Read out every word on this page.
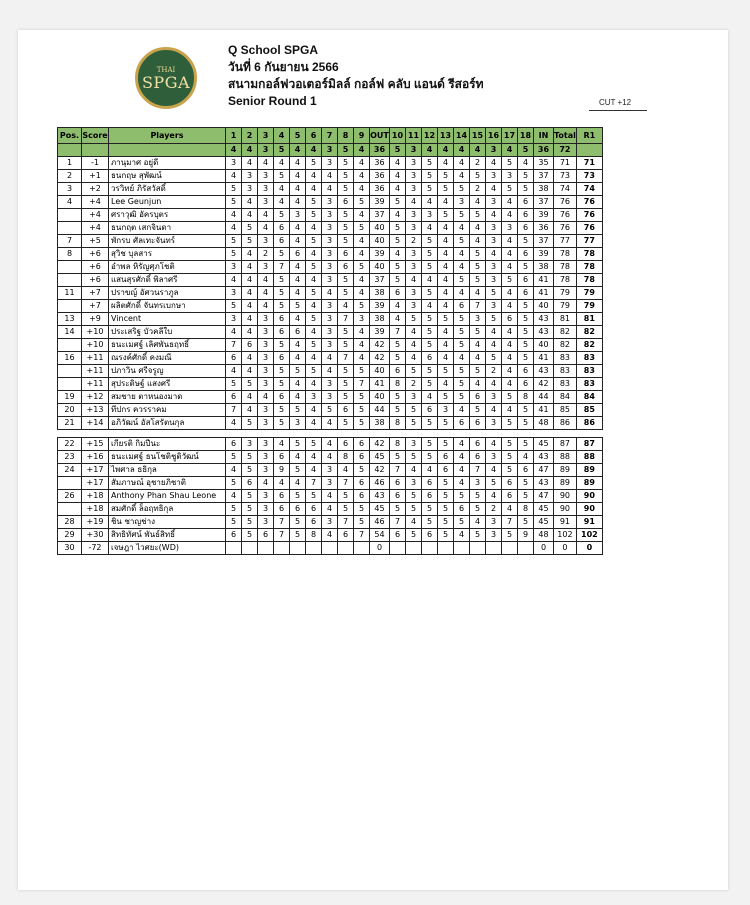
THAI
SPGA
Q School SPGA
วันที่ 6 กันยายน 2566
สนามกอล์ฟวอเตอร์มิลล์ กอล์ฟ คลับ แอนด์ รีสอร์ท
Senior Round 1	CUT +12
Pos.	Score	Players	1	2	3	4	5	6	7	8	9	OUT	10	11	12	13	14	15	16	17	18	IN	Total	R1
			4	4	3	5	4	4	3	5	4	36	5	3	4	4	4	4	3	4	5	36	72	
1	-1	ภานุมาศ อยู่ดี	3	4	4	4	4	5	3	5	4	36	4	3	5	4	4	2	4	5	4	35	71	71
2	+1	ธนกฤษ สุพัฒน์	4	3	3	5	4	4	4	5	4	36	4	3	5	5	4	5	3	3	5	37	73	73
3	+2	วรวิทย์ ภิรัสวัสดิ์	5	3	3	4	4	4	4	5	4	36	4	3	5	5	5	2	4	5	5	38	74	74
4	+4	Lee Geunjun	5	4	3	4	4	5	3	6	5	39	5	4	4	4	3	4	3	4	6	37	76	76
	+4	ศราวุฒิ อัครบุตร	4	4	4	5	3	5	3	5	4	37	4	3	3	5	5	5	4	4	6	39	76	76
	+4	ธนกฤต เสกจินดา	4	5	4	6	4	4	3	5	5	40	5	3	4	4	4	4	3	3	6	36	76	76
7	+5	พักรบ ศัลเทะจันทร์	5	5	3	6	4	5	3	5	4	40	5	2	5	4	5	4	3	4	5	37	77	77
8	+6	สุวิช บุลสาร	5	4	2	5	6	4	3	6	4	39	4	3	5	4	4	5	4	4	6	39	78	78
	+6	อำพล หิรัญศุภโชติ	3	4	3	7	4	5	3	6	5	40	5	3	5	4	4	5	3	4	5	38	78	78
	+6	แสนสุรศักดิ์ พิลาศรี	4	4	4	5	4	4	3	5	4	37	5	4	4	4	5	5	3	5	6	41	78	78
11	+7	ปราขญ์ อัศวนราภูล	3	4	4	5	4	5	4	5	4	38	6	3	5	4	4	4	5	4	6	41	79	79
	+7	ผลิตศักดิ์ จันทรเบกษา	5	4	4	5	5	4	3	4	5	39	4	3	4	4	6	7	3	4	5	40	79	79
13	+9	Vincent	3	4	3	6	4	5	3	7	3	38	4	5	5	5	5	3	5	6	5	43	81	81
14	+10	ประเสริฐ บัวคลีใบ	4	4	3	6	6	4	3	5	4	39	7	4	5	4	5	5	4	4	5	43	82	82
	+10	ธนะเมศฐ์ เลิศพันธฤทธิ์	7	6	3	5	4	5	3	5	4	42	5	4	5	4	5	4	4	4	5	40	82	82
16	+11	ณรงค์ศักดิ์ คงมณี	6	4	3	6	4	4	4	7	4	42	5	4	6	4	4	4	5	4	5	41	83	83
	+11	ปภาวิน ศรีจรูญ	4	4	3	5	5	5	4	5	5	40	6	5	5	5	5	5	2	4	6	43	83	83
	+11	สุประดิษฐ์ แสงศรี	5	5	3	5	4	4	3	5	7	41	8	2	5	4	5	4	4	4	6	42	83	83
19	+12	สมชาย ตาหนองมาด	6	4	4	6	4	3	3	5	5	40	5	3	4	5	5	6	3	5	8	44	84	84
20	+13	ทีปกร ควรราคม	7	4	3	5	5	4	5	6	5	44	5	5	6	3	4	5	4	4	5	41	85	85
21	+14	อภิวัฒน์ อัสโสรัตนกุล	4	5	3	5	3	4	4	5	5	38	8	5	5	5	6	6	3	5	5	48	86	86

22	+15	เกียรติ กิมปีนะ	6	3	3	4	5	5	4	6	6	42	8	3	5	5	4	6	4	5	5	45	87	87
23	+16	ธนะเมศฐ์ ธนโชติชูติวัฒน์	5	5	3	6	4	4	4	8	6	45	5	5	5	6	4	6	3	5	4	43	88	88
24	+17	ไพศาล ธธิกุล	4	5	3	9	5	4	3	4	5	42	7	4	4	6	4	7	4	5	6	47	89	89
	+17	สัมภาษณ์ อุชายภิชาติ	5	6	4	4	4	7	3	7	6	46	6	3	6	5	4	3	5	6	5	43	89	89
26	+18	Anthony Phan Shau Leone	4	5	3	6	5	5	4	5	6	43	6	5	6	5	5	5	4	6	5	47	90	90
	+18	สมศักดิ์ ล็อฤทธิกุล	5	5	3	6	6	6	4	5	5	45	5	5	5	5	6	5	2	4	8	45	90	90
28	+19	ชิน ชาญช่าง	5	5	3	7	5	6	3	7	5	46	7	4	5	5	5	4	3	7	5	45	91	91
29	+30	สิทธิทัศน์ พันธ์สิทธิ์	6	5	6	7	5	8	4	6	7	54	6	5	6	5	4	5	3	5	9	48	102	102
30	-72	เจษฎา ไวศยะ(WD)										0										0	0	0
